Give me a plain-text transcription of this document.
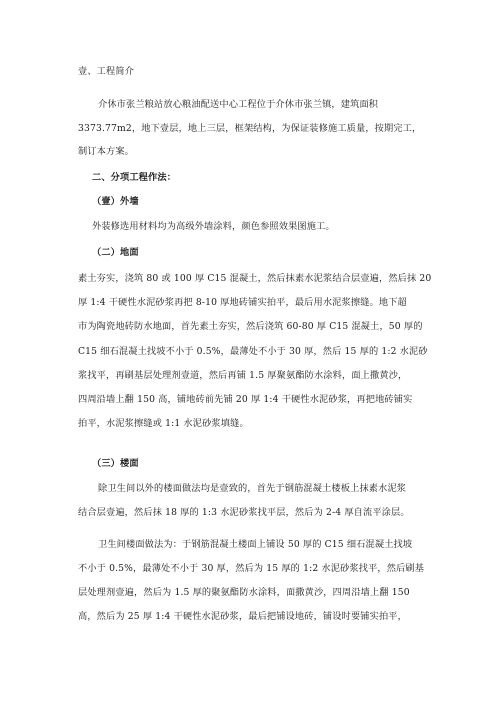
壹、工程简介
介休市张兰粮站放心粮油配送中心工程位于介休市张兰镇，建筑面积
3373.77m2，地下壹层，地上三层，框架结构，为保证装修施工质量，按期完工，
制订本方案。
二、分项工程作法：
（壹）外墙
外装修选用材料均为高级外墙涂料，颜色参照效果图施工。
（二）地面
素土夯实，浇筑 80 或 100 厚 C15 混凝土，然后抹素水泥浆结合层壹遍，然后抹 20
厚 1:4 干硬性水泥砂浆再把 8-10 厚地砖铺实拍平，最后用水泥浆擦缝。地下超
市为陶瓷地砖防水地面，首先素土夯实，然后浇筑 60-80 厚 C15 混凝土，50 厚的
C15 细石混凝土找坡不小于 0.5%，最薄处不小于 30 厚，然后 15 厚的 1:2 水泥砂
浆找平，再刷基层处理剂壹道，然后再铺 1.5 厚聚氨酯防水涂料，面上撒黄沙，
四周沿墙上翻 150 高，铺地砖前先铺 20 厚 1:4 干硬性水泥砂浆，再把地砖铺实
拍平，水泥浆擦缝或 1:1 水泥砂浆填缝。
（三）楼面
除卫生间以外的楼面做法均是壹致的，首先于钢筋混凝土楼板上抹素水泥浆
结合层壹遍，然后抹 18 厚的 1:3 水泥砂浆找平层，然后为 2-4 厚自流平涂层。
卫生间楼面做法为：于钢筋混凝土楼面上铺设 50 厚的 C15 细石混凝土找坡
不小于 0.5%，最薄处不小于 30 厚，然后为 15 厚的 1:2 水泥砂浆找平，然后刷基
层处理剂壹遍，然后为 1.5 厚的聚氨酯防水涂料，面撒黄沙，四周沿墙上翻 150
高，然后为 25 厚 1:4 干硬性水泥砂浆，最后把铺设地砖，铺设时要铺实拍平，
